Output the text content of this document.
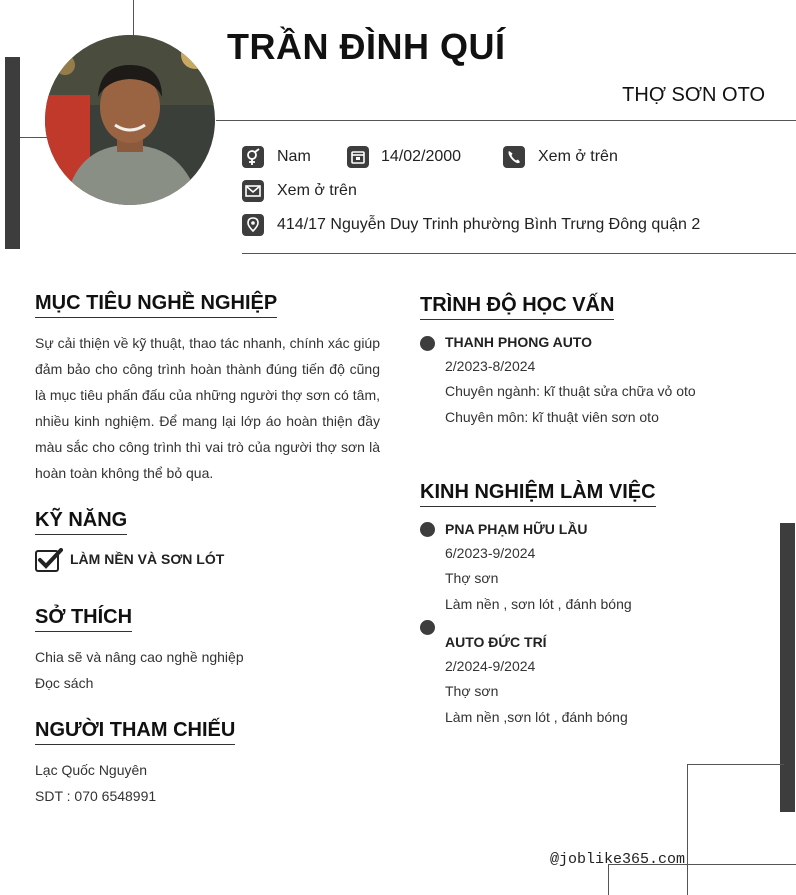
TRẦN ĐÌNH QUÍ
THỢ SƠN OTO
Nam	14/02/2000	Xem ở trên
Xem ở trên
414/17 Nguyễn Duy Trinh phường Bình Trưng Đông quận 2
MỤC TIÊU NGHỀ NGHIỆP
Sự cải thiện về kỹ thuật, thao tác nhanh, chính xác giúp đảm bảo cho công trình hoàn thành đúng tiến độ cũng là mục tiêu phấn đấu của những người thợ sơn có tâm, nhiều kinh nghiệm. Để mang lại lớp áo hoàn thiện đầy màu sắc cho công trình thì vai trò của người thợ sơn là hoàn toàn không thể bỏ qua.
KỸ NĂNG
LÀM NỀN VÀ SƠN LÓT
SỞ THÍCH
Chia sẽ và nâng cao nghề nghiệp
Đọc sách
NGƯỜI THAM CHIẾU
Lạc Quốc Nguyên
SDT : 070 6548991
TRÌNH ĐỘ HỌC VẤN
THANH PHONG AUTO
2/2023-8/2024
Chuyên ngành: kĩ thuật sửa chữa vỏ oto
Chuyên môn: kĩ thuật viên sơn oto
KINH NGHIỆM LÀM VIỆC
PNA PHẠM HỮU LẦU
6/2023-9/2024
Thợ sơn
Làm nền , sơn lót , đánh bóng
AUTO ĐỨC TRÍ
2/2024-9/2024
Thợ sơn
Làm nền ,sơn lót , đánh bóng
@joblike365.com
